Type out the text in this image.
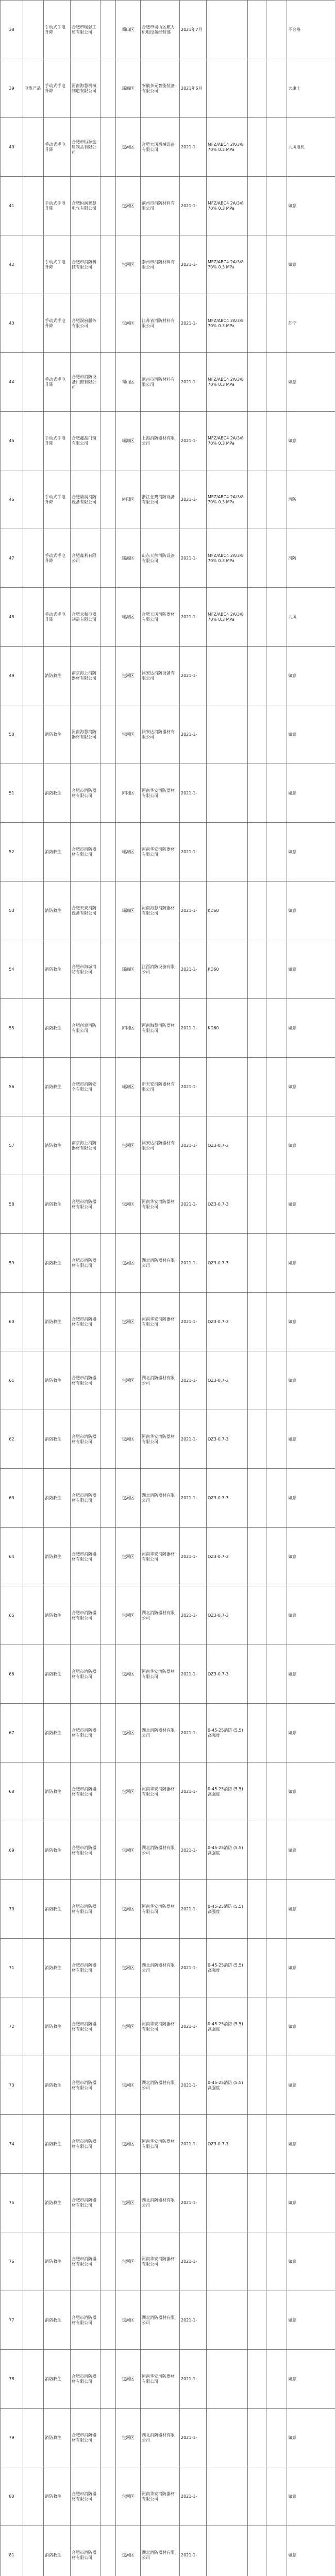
38		手动式手电升降	合肥市瑞强工贸有限公司		蜀山区	合肥市蜀山区航力机电设备经营部	2021年7月				不合格
39	电热产品	手动式手电升降	河南海慧机械制造有限公司		瑶海区	安徽多元智能装备有限公司	2021年6月				大康士
40		手动式手电升降	合肥市恒源金属制品有限公司		包河区	合肥大风机械设备有限公司	2021-1-	MFZ/ABC4 2A/3/8 70% 0.2 MPa			大风电机
41		手动式手电升降	合肥恒润智慧电气有限公司		包河区	滨州市消防材料有限公司	2021-1-	MFZ/ABC4 2A/3/8 70% 0.3 MPa			如意
42		手动式手电升降	合肥市消防科技有限公司		包河区	泰州市消防材料有限公司	2021-1-	MFZ/ABC4 2A/3/8 70% 0.3 MPa			如意
43		手动式手电升降	合肥洞府服务有限公司		包河区	江苏省消防材料有限公司	2021-1-	MFZ/ABC4 2A/3/8 70% 0.3 MPa			苏宁
44		手动式手电升降	合肥市消防设备门窗有限公司		蜀山区	滨州市消防材料有限公司	2021-1-	MFZ/ABC4 2A/3/8 70% 0.3 MPa			如意
45		手动式手电升降	合肥鑫磊门窗有限公司		瑶海区	上海消防器材有限公司	2021-1-	MFZ/ABC4 2A/3/8 70% 0.3 MPa			如意
46		手动式手电升降	合肥陆润消防设备有限公司		庐阳区	浙江金鹰消防设备有限公司	2021-1-	MFZ/ABC4 2A/3/8 70% 0.3 MPa			消防
47		手动式手电升降	合肥鑫利有限公司		瑶海区	山东天然消防设备有限公司	2021-1-	MFZ/ABC4 2A/3/8 70% 0.3 MPa			消防
48		手动式手电升降	合肥永和电器制造有限公司		瑶海区	合肥天风消防器材有限公司	2021-1-	MFZ/ABC4 2A/3/8 70% 0.3 MPa			大风
49		消防救生	南京海上消防器材有限公司		包河区	同安达消防设备有限公司	2021-1-				如意
50		消防救生	河南海慧消防器材有限公司		包河区	同安达消防器材有限公司	2021-1-				如意
51		消防救生	合肥市消防器材有限公司		庐阳区	河南华安消防器材有限公司	2021-1-				如意
52		消防救生	合肥市消防器材有限公司		瑶海区	河南华安消防器材有限公司	2021-1-				如意
53		消防救生	合肥天安消防设备有限公司		瑶海区	河南海慧消防器材有限公司	2021-1-	KD60			如意
54		消防救生	合肥市海城消防有限公司		瑶海区	江西消防设备有限公司	2021-1-	KD60			如意
55		消防救生	合肥创意消防有限公司		庐阳区	河南海慧消防器材有限公司	2021-1-	KD60			如意
56		消防救生	合肥市消防安全有限公司		瑶海区	新天安消防器材有限公司	2021-1-				如意
57		消防救生	南京海上消防器材有限公司		包河区	同安达消防器材有限公司	2021-1-	QZ3-0.7-3			如意
58		消防救生	合肥市消防器材有限公司		包河区	河南华安消防器材有限公司	2021-1-	QZ3-0.7-3			如意
59		消防救生	合肥市消防器材有限公司		包河区	湖北消防器材有限公司	2021-1-	QZ3-0.7-3			如意
60		消防救生	合肥市消防器材有限公司		包河区	河南华安消防器材有限公司	2021-1-	QZ3-0.7-3			如意
61		消防救生	合肥市消防器材有限公司		包河区	湖北消防器材有限公司	2021-1-	QZ3-0.7-3			如意
62		消防救生	合肥市消防器材有限公司		包河区	河南华安消防器材有限公司	2021-1-	QZ3-0.7-3			如意
63		消防救生	合肥市消防器材有限公司		包河区	湖北消防器材有限公司	2021-1-	QZ3-0.7-3			如意
64		消防救生	合肥市消防器材有限公司		包河区	河南华安消防器材有限公司	2021-1-	QZ3-0.7-3			如意
65		消防救生	合肥市消防器材有限公司		包河区	湖北消防器材有限公司	2021-1-	QZ3-0.7-3			如意
66		消防救生	合肥市消防器材有限公司		包河区	河南华安消防器材有限公司	2021-1-	QZ3-0.7-3			如意
67		消防救生	合肥市消防器材有限公司		包河区	湖北消防器材有限公司	2021-1-	0-45-25消防 (5.5)高强度			如意
68		消防救生	合肥市消防器材有限公司		包河区	河南华安消防器材有限公司	2021-1-	0-45-25消防 (5.5)高强度			如意
69		消防救生	合肥市消防器材有限公司		包河区	湖北消防器材有限公司	2021-1-	0-45-25消防 (5.5)高强度			如意
70		消防救生	合肥市消防器材有限公司		包河区	河南华安消防器材有限公司	2021-1-	0-45-25消防 (5.5)高强度			如意
71		消防救生	合肥市消防器材有限公司		包河区	湖北消防器材有限公司	2021-1-	0-45-25消防 (5.5)高强度			如意
72		消防救生	合肥市消防器材有限公司		包河区	河南华安消防器材有限公司	2021-1-	0-45-25消防 (5.5)高强度			如意
73		消防救生	合肥市消防器材有限公司		包河区	湖北消防器材有限公司	2021-1-	0-45-25消防 (5.5)高强度			如意
74		消防救生	合肥市消防器材有限公司		包河区	河南华安消防器材有限公司	2021-1-	QZ3-0.7-3			如意
75		消防救生	合肥市消防器材有限公司		包河区	湖北消防器材有限公司	2021-1-				如意
76		消防救生	合肥市消防器材有限公司		包河区	河南华安消防器材有限公司	2021-1-				如意
77		消防救生	合肥市消防器材有限公司		包河区	湖北消防器材有限公司	2021-1-				如意
78		消防救生	合肥市消防器材有限公司		包河区	河南华安消防器材有限公司	2021-1-				如意
79		消防救生	合肥市消防器材有限公司		包河区	湖北消防器材有限公司	2021-1-				如意
80		消防救生	合肥市消防器材有限公司		包河区	河南华安消防器材有限公司	2021-1-				如意
81		消防救生	合肥市消防器材有限公司		包河区	湖北消防器材有限公司	2021-1-				如意
